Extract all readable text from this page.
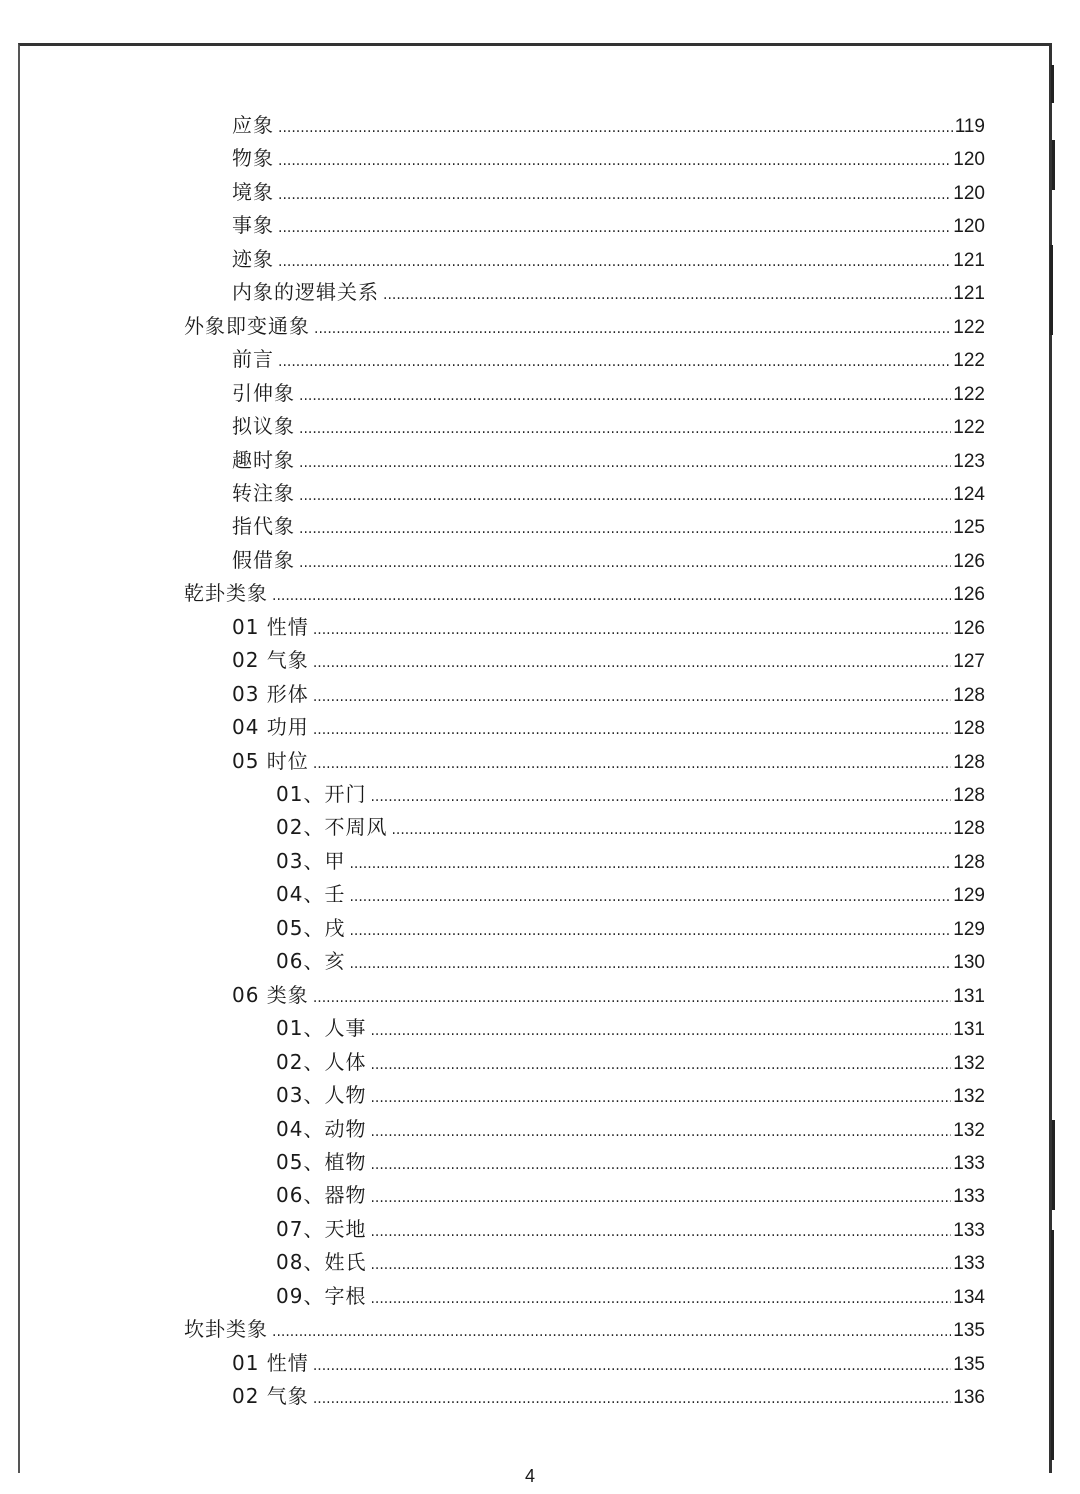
应象 .....	119
物象 .....	120
境象 .....	120
事象 .....	120
迹象 .....	121
内象的逻辑关系 .....	121
外象即变通象 .....	122
前言 .....	122
引伸象 .....	122
拟议象 .....	122
趣时象 .....	123
转注象 .....	124
指代象 .....	125
假借象 .....	126
乾卦类象 .....	126
01 性情 .....	126
02 气象 .....	127
03 形体 .....	128
04 功用 .....	128
05 时位 .....	128
01、开门 .....	128
02、不周风 .....	128
03、甲 .....	128
04、壬 .....	129
05、戌 .....	129
06、亥 .....	130
06 类象 .....	131
01、人事 .....	131
02、人体 .....	132
03、人物 .....	132
04、动物 .....	132
05、植物 .....	133
06、器物 .....	133
07、天地 .....	133
08、姓氏 .....	133
09、字根 .....	134
坎卦类象 .....	135
01 性情 .....	135
02 气象 .....	136
4
